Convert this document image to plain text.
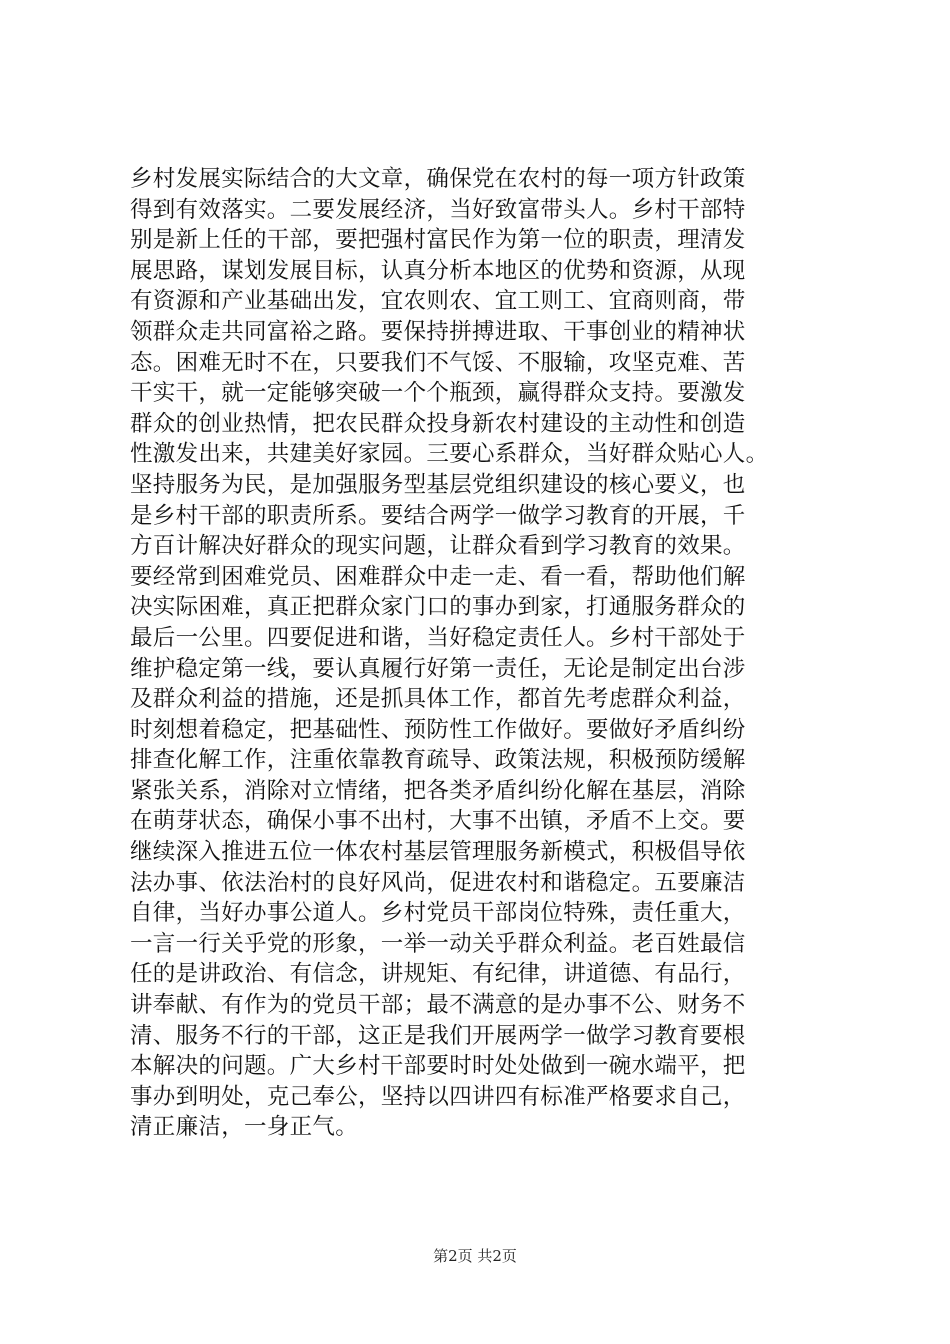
乡村发展实际结合的大文章，确保党在农村的每一项方针政策
得到有效落实。二要发展经济，当好致富带头人。乡村干部特
别是新上任的干部，要把强村富民作为第一位的职责，理清发
展思路，谋划发展目标，认真分析本地区的优势和资源，从现
有资源和产业基础出发，宜农则农、宜工则工、宜商则商，带
领群众走共同富裕之路。要保持拼搏进取、干事创业的精神状
态。困难无时不在，只要我们不气馁、不服输，攻坚克难、苦
干实干，就一定能够突破一个个瓶颈，赢得群众支持。要激发
群众的创业热情，把农民群众投身新农村建设的主动性和创造
性激发出来，共建美好家园。三要心系群众，当好群众贴心人。
坚持服务为民，是加强服务型基层党组织建设的核心要义，也
是乡村干部的职责所系。要结合两学一做学习教育的开展，千
方百计解决好群众的现实问题，让群众看到学习教育的效果。
要经常到困难党员、困难群众中走一走、看一看，帮助他们解
决实际困难，真正把群众家门口的事办到家，打通服务群众的
最后一公里。四要促进和谐，当好稳定责任人。乡村干部处于
维护稳定第一线，要认真履行好第一责任，无论是制定出台涉
及群众利益的措施，还是抓具体工作，都首先考虑群众利益，
时刻想着稳定，把基础性、预防性工作做好。要做好矛盾纠纷
排查化解工作，注重依靠教育疏导、政策法规，积极预防缓解
紧张关系，消除对立情绪，把各类矛盾纠纷化解在基层，消除
在萌芽状态，确保小事不出村，大事不出镇，矛盾不上交。要
继续深入推进五位一体农村基层管理服务新模式，积极倡导依
法办事、依法治村的良好风尚，促进农村和谐稳定。五要廉洁
自律，当好办事公道人。乡村党员干部岗位特殊，责任重大，
一言一行关乎党的形象，一举一动关乎群众利益。老百姓最信
任的是讲政治、有信念，讲规矩、有纪律，讲道德、有品行，
讲奉献、有作为的党员干部；最不满意的是办事不公、财务不
清、服务不行的干部，这正是我们开展两学一做学习教育要根
本解决的问题。广大乡村干部要时时处处做到一碗水端平，把
事办到明处，克己奉公，坚持以四讲四有标准严格要求自己，
清正廉洁，一身正气。
第2页 共2页
